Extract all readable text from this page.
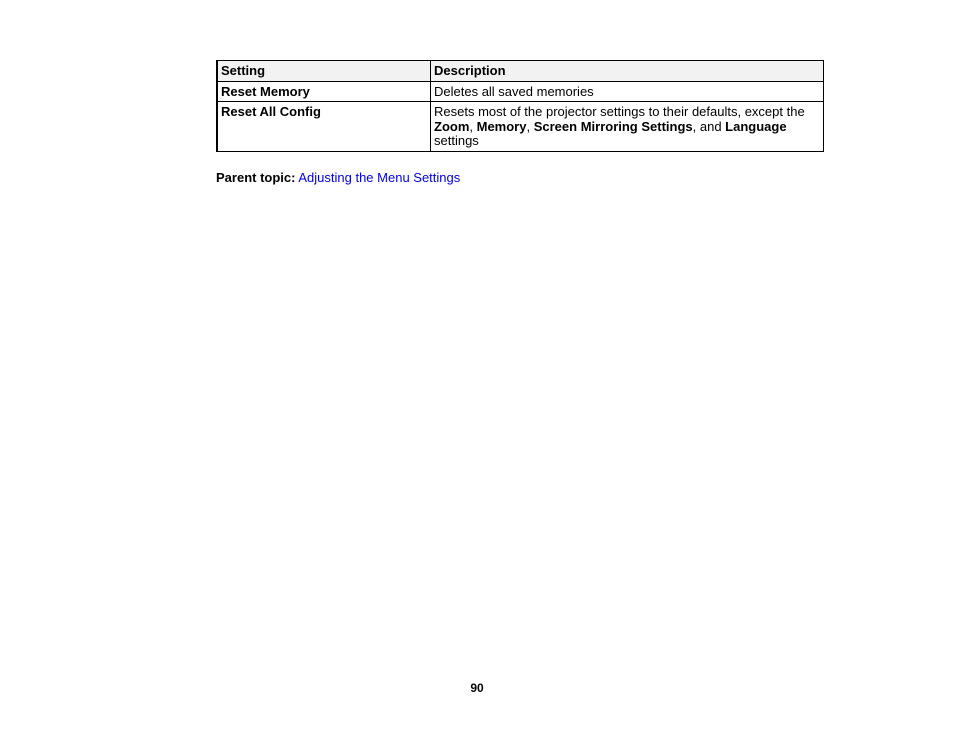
Setting	Description
Reset Memory	Deletes all saved memories
Reset All Config	Resets most of the projector settings to their defaults, except the Zoom, Memory, Screen Mirroring Settings, and Language
settings
Parent topic: Adjusting the Menu Settings
90
